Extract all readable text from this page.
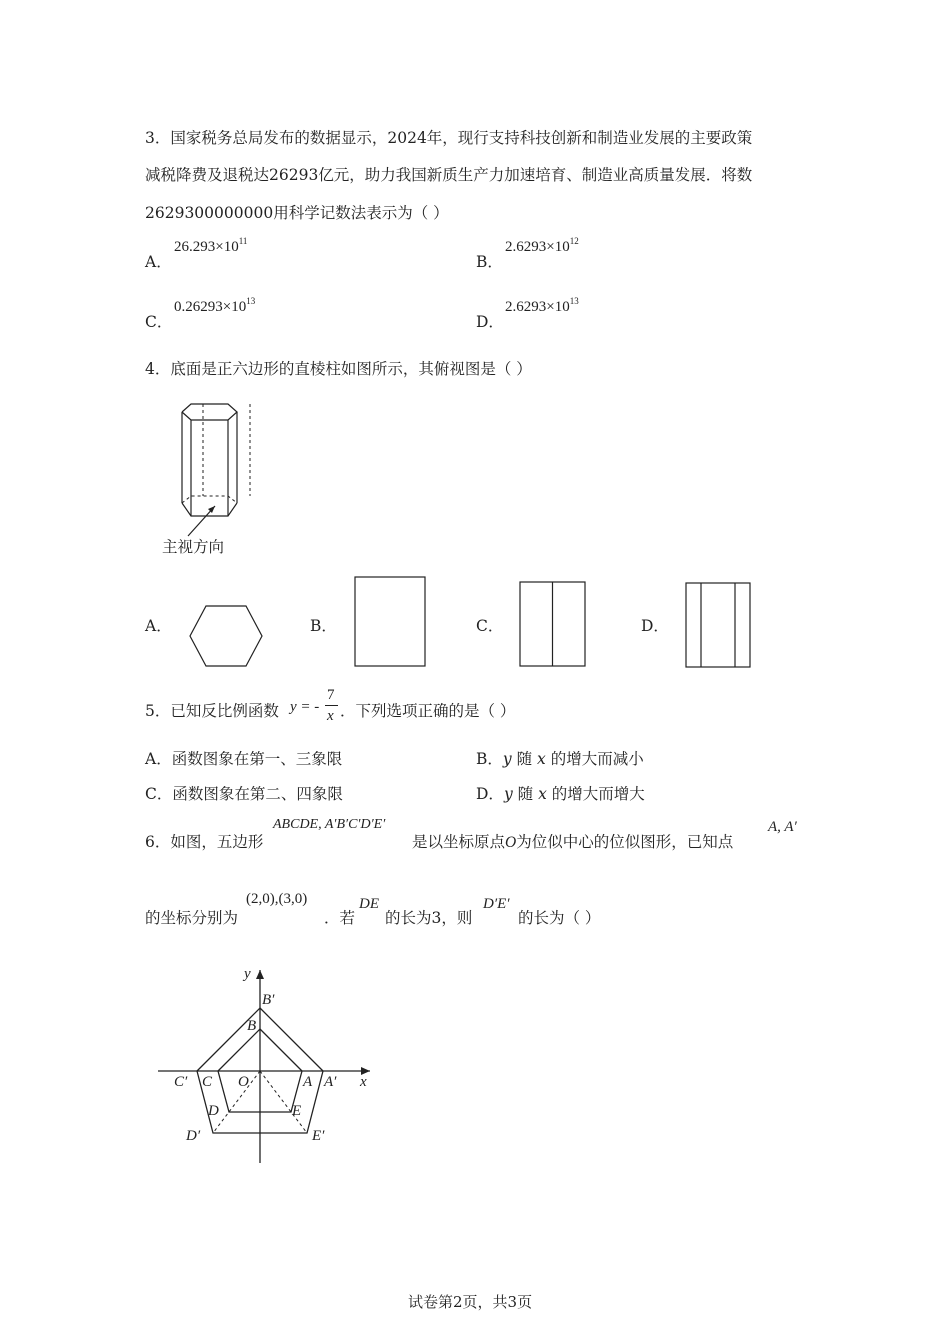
3．国家税务总局发布的数据显示，2024年，现行支持科技创新和制造业发展的主要政策
减税降费及退税达26293亿元，助力我国新质生产力加速培育、制造业高质量发展．将数
2629300000000用科学记数法表示为（ ）
A．
$26.293\times 10^{11}$
B．
$2.6293\times 10^{12}$
C．
$0.26293\times 10^{13}$
D．
$2.6293\times 10^{13}$
4．底面是正六边形的直棱柱如图所示，其俯视图是（ ）
主视方向
A．	B．	C．	D．
5．已知反比例函数 y = -
7
x ．下列选项正确的是（ ）
A．函数图象在第一、三象限	B．y 随 x 的增大而减小
C．函数图象在第二、四象限	D．y 随 x 的增大而增大
6．如图，五边形
ABCDE, A′B′C′D′E′
是以坐标原点O为位似中心的位似图形，已知点
A, A′
的坐标分别为
(2,0),(3,0)
．若
DE
的长为3，则
D′E′
的长为（ ）
y
B′
B
C′ C O	A A′ x
D	E
D′	E′
试卷第2页，共3页
